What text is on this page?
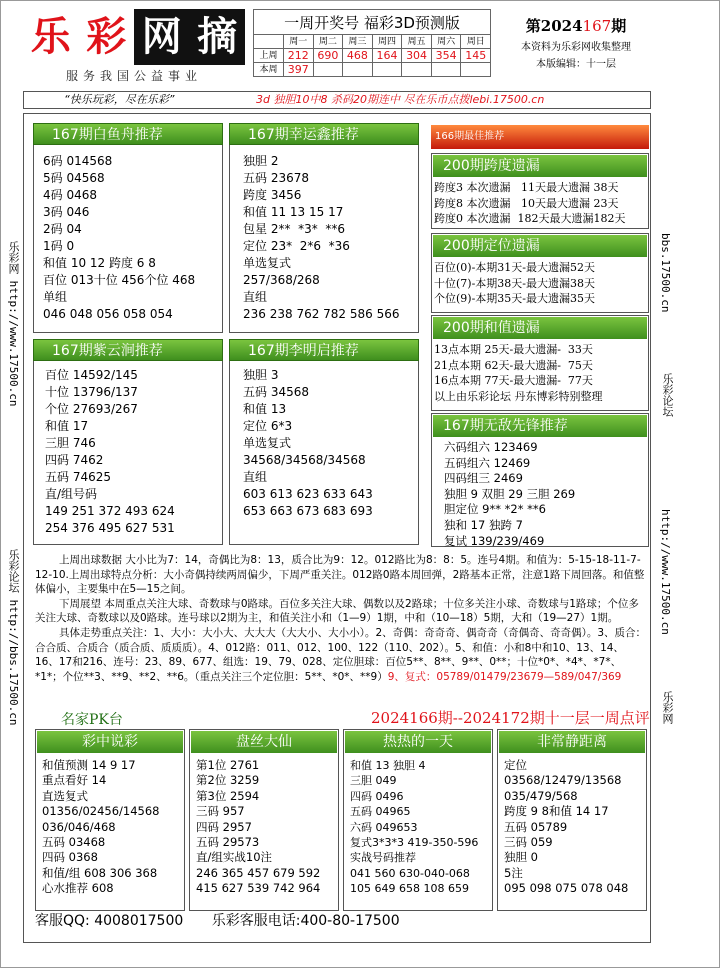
乐 彩 网 摘
服务我国公益事业
一周开奖号 福彩3D预测版
周一	周二	周三	周四	周五	周六	周日
上周 212 690 468 164 304 354 145
本周 397
第2024167期
本资料为乐彩网收集整理
本版编辑：十一层
“快乐玩彩，尽在乐彩”	3d 独胆10中8 杀码20期连中 尽在乐币点拨lebi.17500.cn
乐彩网 http://www.17500.cn
乐彩论坛 http://bbs.17500.cn
bbs.17500.cn
乐彩论坛
http://www.17500.cn
乐彩网
167期白鱼舟推荐
6码 014568
5码 04568
4码 0468
3码 046
2码 04
1码 0
和值 10 12 跨度 6 8
百位 013十位 456个位 468
单组
046 048 056 058 054
167期幸运鑫推荐
独胆 2
五码 23678
跨度 3456
和值 11 13 15 17
包星 2**  *3*  **6
定位 23*  2*6  *36
单选复式
257/368/268
直组
236 238 762 782 586 566
167期紫云涧推荐
百位 14592/145
十位 13796/137
个位 27693/267
和值 17
三胆 746
四码 7462
五码 74625
直/组号码
149 251 372 493 624
254 376 495 627 531
167期李明启推荐
独胆 3
五码 34568
和值 13
定位 6*3
单选复式
34568/34568/34568
直组
603 613 623 633 643
653 663 673 683 693
166期最佳推荐
200期跨度遗漏
跨度3 本次遗漏   11天最大遗漏 38天
跨度8 本次遗漏   10天最大遗漏 23天
跨度0 本次遗漏  182天最大遗漏182天
200期定位遗漏
百位(0)-本期31天-最大遗漏52天
十位(7)-本期38天-最大遗漏38天
个位(9)-本期35天-最大遗漏35天
200期和值遗漏
13点本期 25天-最大遗漏-  33天
21点本期 62天-最大遗漏-  75天
16点本期 77天-最大遗漏-  77天
以上由乐彩论坛 丹东博彩特别整理
167期无敌先锋推荐
六码组六 123469
五码组六 12469
四码组三 2469
独胆 9 双胆 29 三胆 269
胆定位 9** *2* **6
独和 17 独跨 7
复试 139/239/469
上周出球数据 大小比为7：14，奇偶比为8：13，质合比为9：12。012路比为8：8：5。连号4期。和值为：5-15-18-11-7-12-10.上周出球特点分析：大小奇偶持续两周偏少，下周严重关注。012路0路本周回弹，2路基本正常，注意1路下周回落。和值整体偏小，主要集中在5—15之间。
下周展望 本周重点关注大球、奇数球与0路球。百位多关注大球、偶数以及2路球；十位多关注小球、奇数球与1路球；个位多关注大球、奇数球以及0路球。连号球以2期为主，和值关注小和（1—9）1期，中和（10—18）5期，大和（19—27）1期。
具体走势重点关注：1、大小：大小大、大大大（大大小、大小小）。2、奇偶：奇奇奇、偶奇奇（奇偶奇、奇奇偶）。3、质合：合合质、合质合（质合质、质质质）。4、012路：011、012、100、122（110、202）。5、和值：小和8中和10、13、14、16、17和216、连号：23、89、677、组选：19、79、028、定位胆球：百位5**、8**、9**、0**；十位*0*、*4*、*7*、*1*；个位**3、**9、**2、**6。（重点关注三个定位胆：5**、*0*、**9）9、复式：05789/01479/23679—589/047/369
名家PK台	2024166期--2024172期十一层一周点评
彩中说彩
和值预测 14 9 17
重点看好 14
直选复式
01356/02456/14568
036/046/468
五码 03468
四码 0368
和值/组 608 306 368
心水推荐 608
盘丝大仙
第1位 2761
第2位 3259
第3位 2594
三码 957
四码 2957
五码 29573
直/组实战10注
246 365 457 679 592
415 627 539 742 964
热热的一天
和值 13 独胆 4
三胆 049
四码 0496
五码 04965
六码 049653
复式3*3*3 419-350-596
实战号码推荐
041 560 630-040-068
105 649 658 108 659
非常静距离
定位
03568/12479/13568
035/479/568
跨度 9 8和值 14 17
五码 05789
三码 059
独胆 0
5注
095 098 075 078 048
客服QQ: 4008017500 乐彩客服电话:400-80-17500
